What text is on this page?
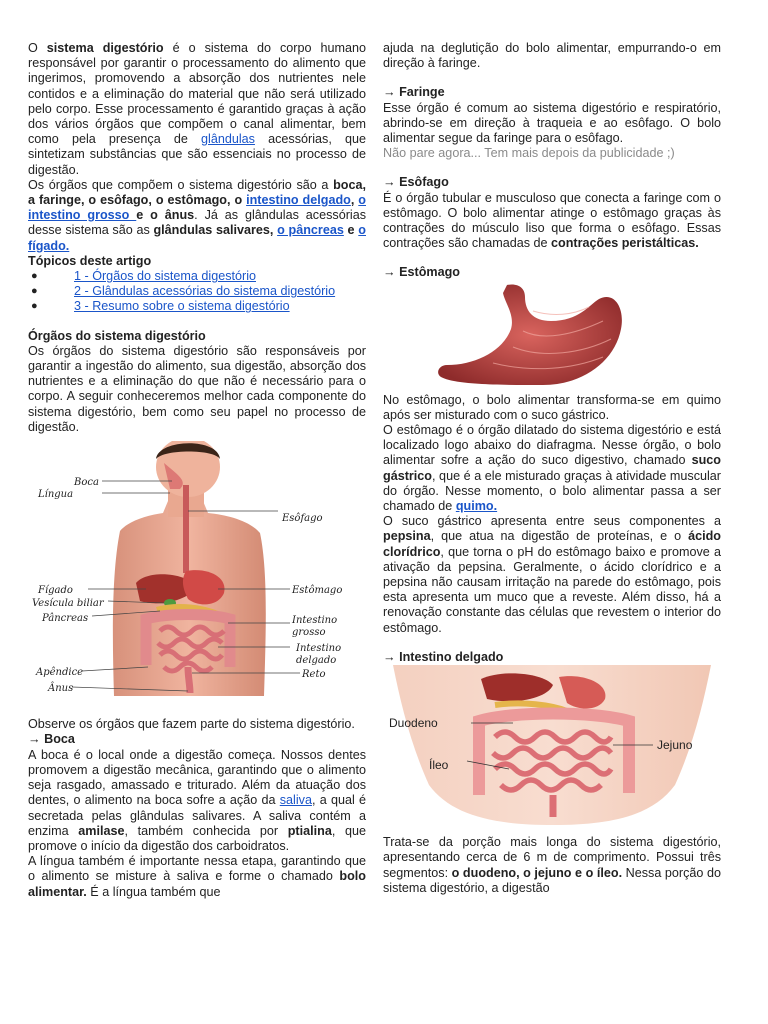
O sistema digestório é o sistema do corpo humano responsável por garantir o processamento do alimento que ingerimos, promovendo a absorção dos nutrientes nele contidos e a eliminação do material que não será utilizado pelo corpo. Esse processamento é garantido graças à ação dos vários órgãos que compõem o canal alimentar, bem como pela presença de glândulas acessórias, que sintetizam substâncias que são essenciais no processo de digestão.

Os órgãos que compõem o sistema digestório são a boca, a faringe, o esôfago, o estômago, o intestino delgado, o intestino grosso e o ânus. Já as glândulas acessórias desse sistema são as glândulas salivares, o pâncreas e o fígado.

Tópicos deste artigo

●	1 - Órgãos do sistema digestório
●	2 - Glândulas acessórias do sistema digestório
●	3 - Resumo sobre o sistema digestório

Órgãos do sistema digestório

Os órgãos do sistema digestório são responsáveis por garantir a ingestão do alimento, sua digestão, absorção dos nutrientes e a eliminação do que não é necessário para o corpo. A seguir conheceremos melhor cada componente do sistema digestório, bem como seu papel no processo de digestão.

Boca
Língua
Esôfago
Fígado
Vesícula biliar
Pâncreas
Estômago
Intestino
grosso
Intestino
delgado
Apêndice	Reto
Ânus

Observe os órgãos que fazem parte do sistema digestório.

→ Boca

A boca é o local onde a digestão começa. Nossos dentes promovem a digestão mecânica, garantindo que o alimento seja rasgado, amassado e triturado. Além da atuação dos dentes, o alimento na boca sofre a ação da saliva, a qual é secretada pelas glândulas salivares. A saliva contém a enzima amilase, também conhecida por ptialina, que promove o início da digestão dos carboidratos.

A língua também é importante nessa etapa, garantindo que o alimento se misture à saliva e forme o chamado bolo alimentar. É a língua também que

ajuda na deglutição do bolo alimentar, empurrando-o em direção à faringe.

→ Faringe

Esse órgão é comum ao sistema digestório e respiratório, abrindo-se em direção à traqueia e ao esôfago. O bolo alimentar segue da faringe para o esôfago.

Não pare agora... Tem mais depois da publicidade ;)

→ Esôfago

É o órgão tubular e musculoso que conecta a faringe com o estômago. O bolo alimentar atinge o estômago graças às contrações do músculo liso que forma o esôfago. Essas contrações são chamadas de contrações peristálticas.

→ Estômago

No estômago, o bolo alimentar transforma-se em quimo após ser misturado com o suco gástrico.

O estômago é o órgão dilatado do sistema digestório e está localizado logo abaixo do diafragma. Nesse órgão, o bolo alimentar sofre a ação do suco digestivo, chamado suco gástrico, que é a ele misturado graças à atividade muscular do órgão. Nesse momento, o bolo alimentar passa a ser chamado de quimo.

O suco gástrico apresenta entre seus componentes a pepsina, que atua na digestão de proteínas, e o ácido clorídrico, que torna o pH do estômago baixo e promove a ativação da pepsina. Geralmente, o ácido clorídrico e a pepsina não causam irritação na parede do estômago, pois esta apresenta um muco que a reveste. Além disso, há a renovação constante das células que revestem o interior do estômago.

→ Intestino delgado

Duodeno
Jejuno
Íleo

Trata-se da porção mais longa do sistema digestório, apresentando cerca de 6 m de comprimento. Possui três segmentos: o duodeno, o jejuno e o íleo. Nessa porção do sistema digestório, a digestão
